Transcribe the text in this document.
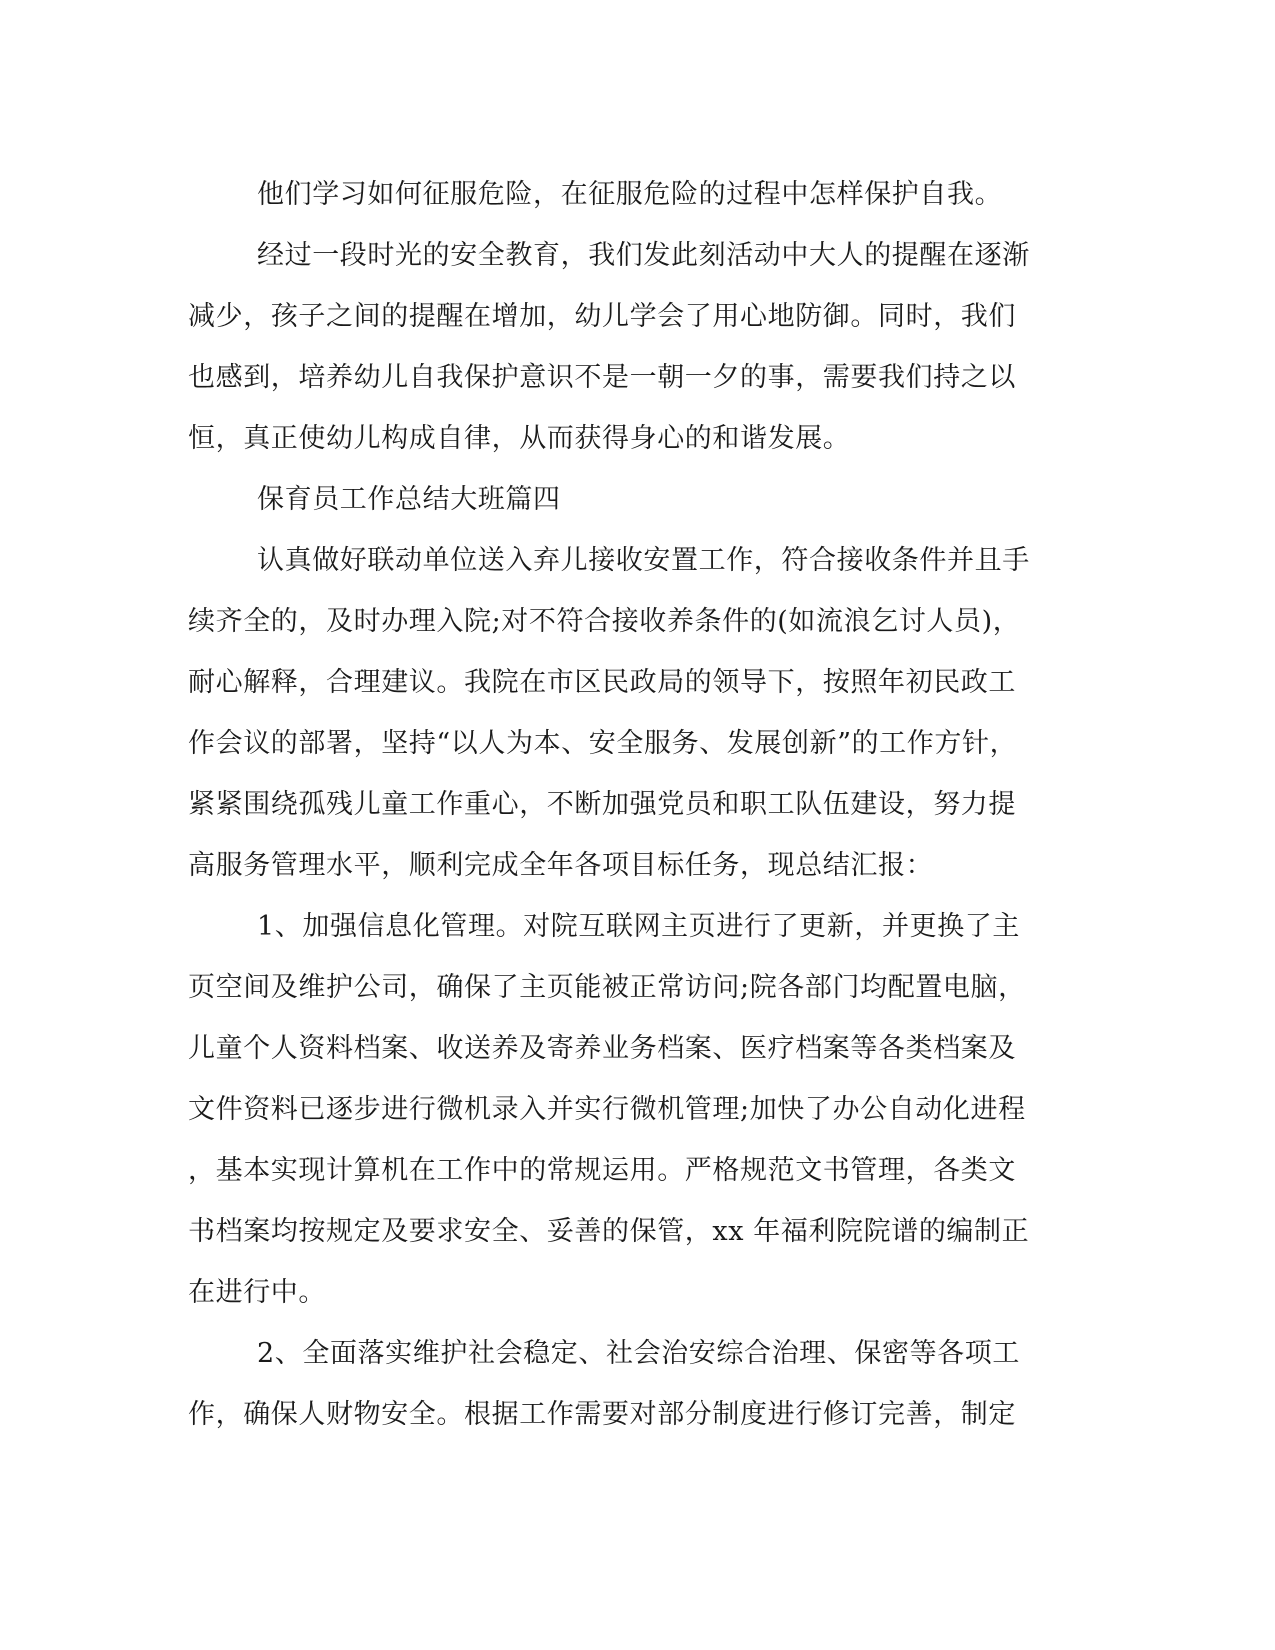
他们学习如何征服危险，在征服危险的过程中怎样保护自我。
经过一段时光的安全教育，我们发此刻活动中大人的提醒在逐渐
减少，孩子之间的提醒在增加，幼儿学会了用心地防御。同时，我们
也感到，培养幼儿自我保护意识不是一朝一夕的事，需要我们持之以
恒，真正使幼儿构成自律，从而获得身心的和谐发展。
保育员工作总结大班篇四
认真做好联动单位送入弃儿接收安置工作，符合接收条件并且手
续齐全的，及时办理入院;对不符合接收养条件的(如流浪乞讨人员)，
耐心解释，合理建议。我院在市区民政局的领导下，按照年初民政工
作会议的部署，坚持“以人为本、安全服务、发展创新”的工作方针，
紧紧围绕孤残儿童工作重心，不断加强党员和职工队伍建设，努力提
高服务管理水平，顺利完成全年各项目标任务，现总结汇报：
1、加强信息化管理。对院互联网主页进行了更新，并更换了主
页空间及维护公司，确保了主页能被正常访问;院各部门均配置电脑，
儿童个人资料档案、收送养及寄养业务档案、医疗档案等各类档案及
文件资料已逐步进行微机录入并实行微机管理;加快了办公自动化进程
，基本实现计算机在工作中的常规运用。严格规范文书管理，各类文
书档案均按规定及要求安全、妥善的保管，xx 年福利院院谱的编制正
在进行中。
2、全面落实维护社会稳定、社会治安综合治理、保密等各项工
作，确保人财物安全。根据工作需要对部分制度进行修订完善，制定
